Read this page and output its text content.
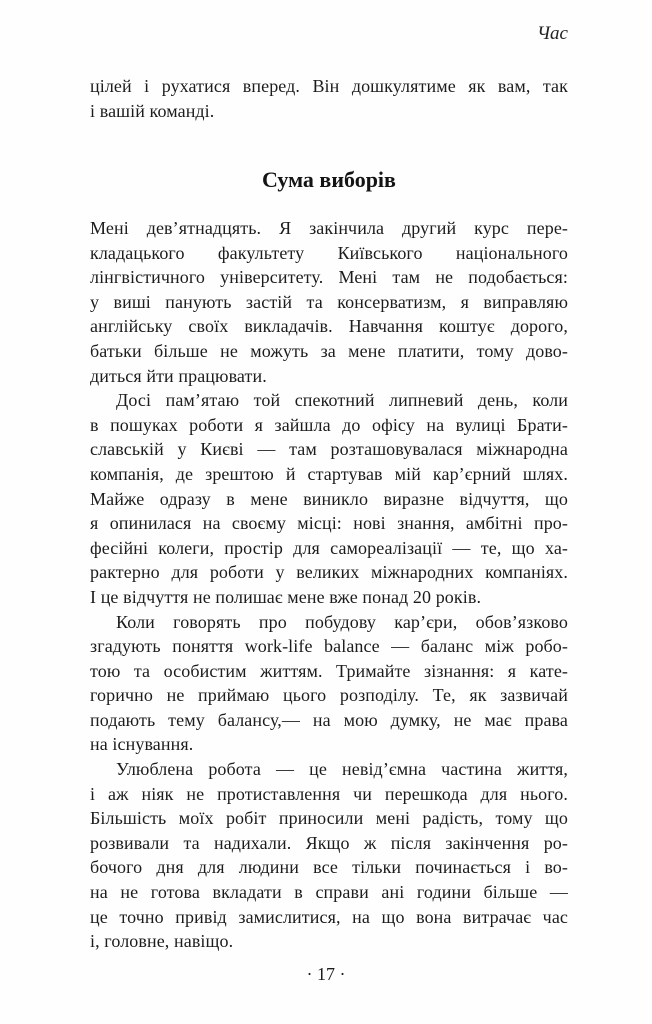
Час
цілей і рухатися вперед. Він дошкулятиме як вам, так
і вашій команді.
Сума виборів
Мені дев’ятнадцять. Я закінчила другий курс пере-
кладацького факультету Київського національного
лінгвістичного університету. Мені там не подобається:
у виші панують застій та консерватизм, я виправляю
англійську своїх викладачів. Навчання коштує дорого,
батьки більше не можуть за мене платити, тому дово-
диться йти працювати.
Досі пам’ятаю той спекотний липневий день, коли
в пошуках роботи я зайшла до офісу на вулиці Брати-
славській у Києві — там розташовувалася міжнародна
компанія, де зрештою й стартував мій кар’єрний шлях.
Майже одразу в мене виникло виразне відчуття, що
я опинилася на своєму місці: нові знання, амбітні про-
фесійні колеги, простір для самореалізації — те, що ха-
рактерно для роботи у великих міжнародних компаніях.
І це відчуття не полишає мене вже понад 20 років.
Коли говорять про побудову кар’єри, обов’язково
згадують поняття work-life balance — баланс між робо-
тою та особистим життям. Тримайте зізнання: я кате-
горично не приймаю цього розподілу. Те, як зазвичай
подають тему балансу,— на мою думку, не має права
на існування.
Улюблена робота — це невід’ємна частина життя,
і аж ніяк не протиставлення чи перешкода для нього.
Більшість моїх робіт приносили мені радість, тому що
розвивали та надихали. Якщо ж після закінчення ро-
бочого дня для людини все тільки починається і во-
на не готова вкладати в справи ані години більше —
це точно привід замислитися, на що вона витрачає час
і, головне, навіщо.
· 17 ·
